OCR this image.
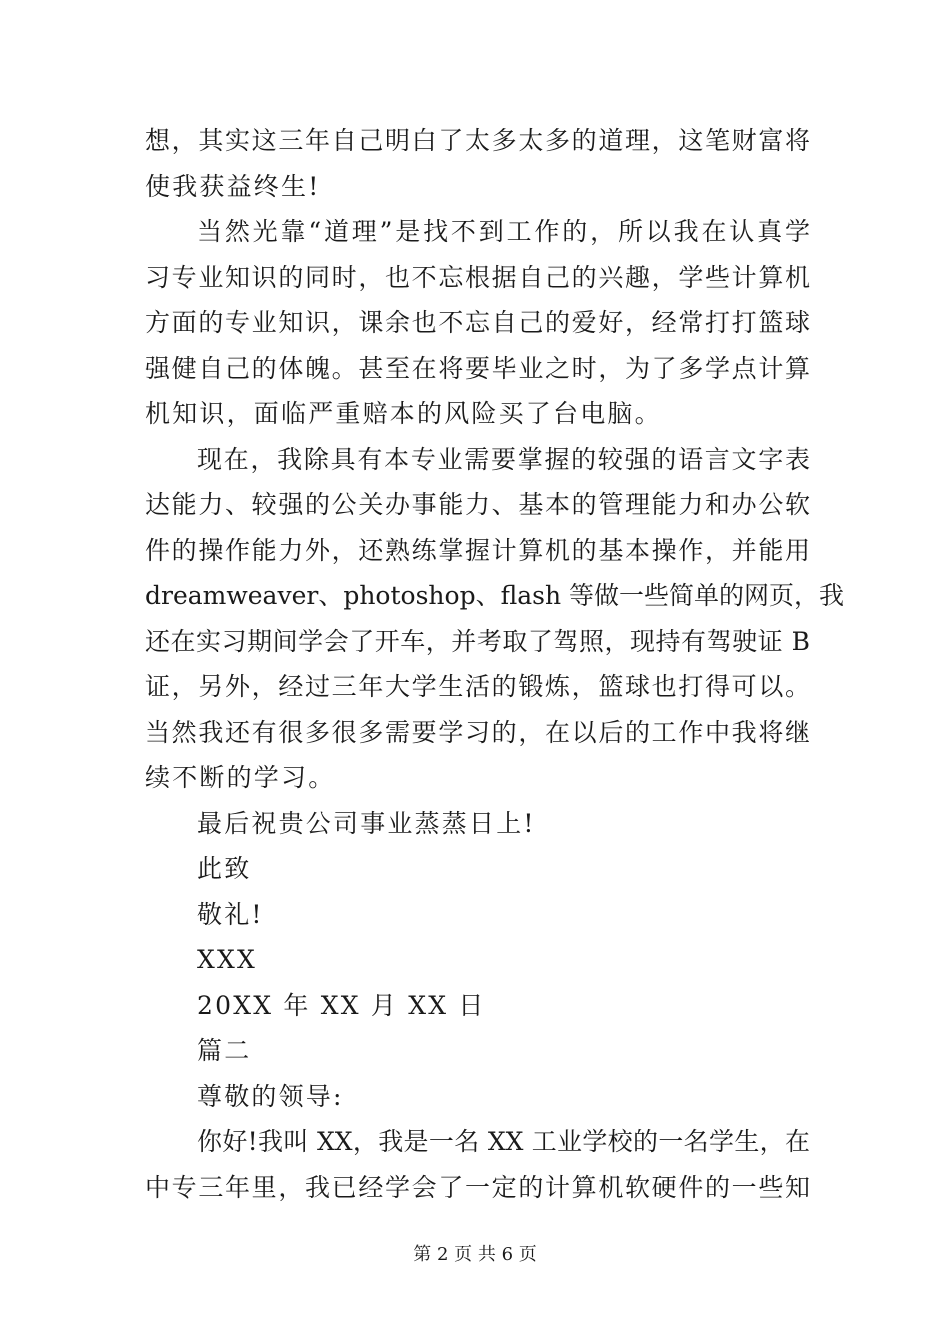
想，其实这三年自己明白了太多太多的道理，这笔财富将
使我获益终生!
当然光靠“道理”是找不到工作的，所以我在认真学
习专业知识的同时，也不忘根据自己的兴趣，学些计算机
方面的专业知识，课余也不忘自己的爱好，经常打打篮球
强健自己的体魄。甚至在将要毕业之时，为了多学点计算
机知识，面临严重赔本的风险买了台电脑。
现在，我除具有本专业需要掌握的较强的语言文字表
达能力、较强的公关办事能力、基本的管理能力和办公软
件的操作能力外，还熟练掌握计算机的基本操作，并能用
dreamweaver、photoshop、flash 等做一些简单的网页，我
还在实习期间学会了开车，并考取了驾照，现持有驾驶证 B
证，另外，经过三年大学生活的锻炼，篮球也打得可以。
当然我还有很多很多需要学习的，在以后的工作中我将继
续不断的学习。
最后祝贵公司事业蒸蒸日上!
此致
敬礼!
XXX
20XX 年 XX 月 XX 日
篇二
尊敬的领导:
你好!我叫 XX，我是一名 XX 工业学校的一名学生，在
中专三年里，我已经学会了一定的计算机软硬件的一些知
第 2 页 共 6 页
